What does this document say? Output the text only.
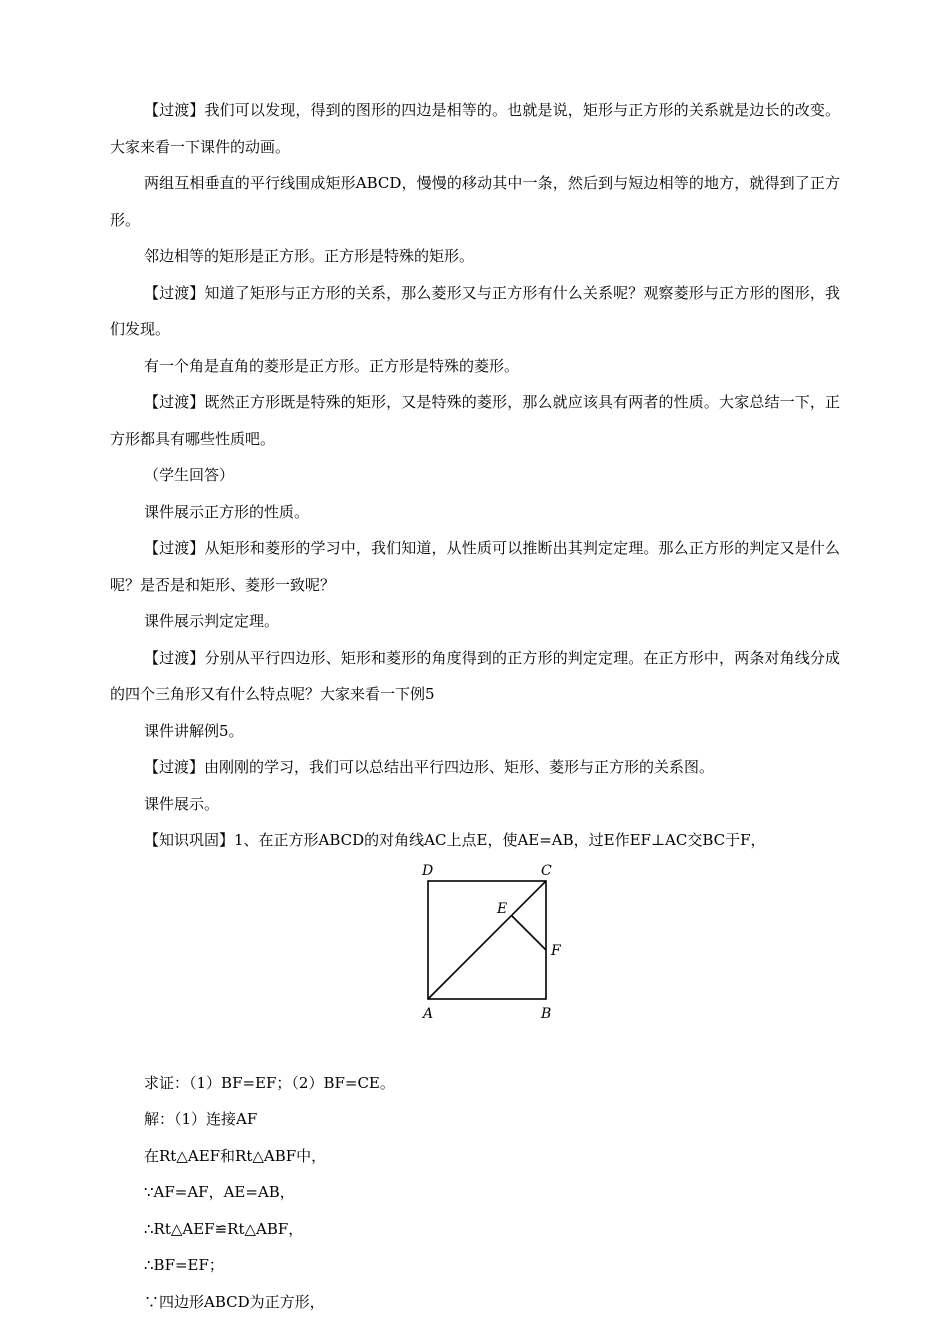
【过渡】我们可以发现，得到的图形的四边是相等的。也就是说，矩形与正方形的关系就是边长的改变。大家来看一下课件的动画。

两组互相垂直的平行线围成矩形ABCD，慢慢的移动其中一条，然后到与短边相等的地方，就得到了正方形。

邻边相等的矩形是正方形。正方形是特殊的矩形。

【过渡】知道了矩形与正方形的关系，那么菱形又与正方形有什么关系呢？观察菱形与正方形的图形，我们发现。

有一个角是直角的菱形是正方形。正方形是特殊的菱形。

【过渡】既然正方形既是特殊的矩形，又是特殊的菱形，那么就应该具有两者的性质。大家总结一下，正方形都具有哪些性质吧。

（学生回答）

课件展示正方形的性质。

【过渡】从矩形和菱形的学习中，我们知道，从性质可以推断出其判定定理。那么正方形的判定又是什么呢？是否是和矩形、菱形一致呢？

课件展示判定定理。

【过渡】分别从平行四边形、矩形和菱形的角度得到的正方形的判定定理。在正方形中，两条对角线分成的四个三角形又有什么特点呢？大家来看一下例5

课件讲解例5。

【过渡】由刚刚的学习，我们可以总结出平行四边形、矩形、菱形与正方形的关系图。

课件展示。

【知识巩固】1、在正方形ABCD的对角线AC上点E，使AE=AB，过E作EF⊥AC交BC于F，

D	C
E
F
A	B

求证：（1）BF=EF；（2）BF=CE。

解：（1）连接AF

在Rt△AEF和Rt△ABF中，

∵AF=AF，AE=AB，

∴Rt△AEF≌Rt△ABF，

∴BF=EF；

∵四边形ABCD为正方形，
